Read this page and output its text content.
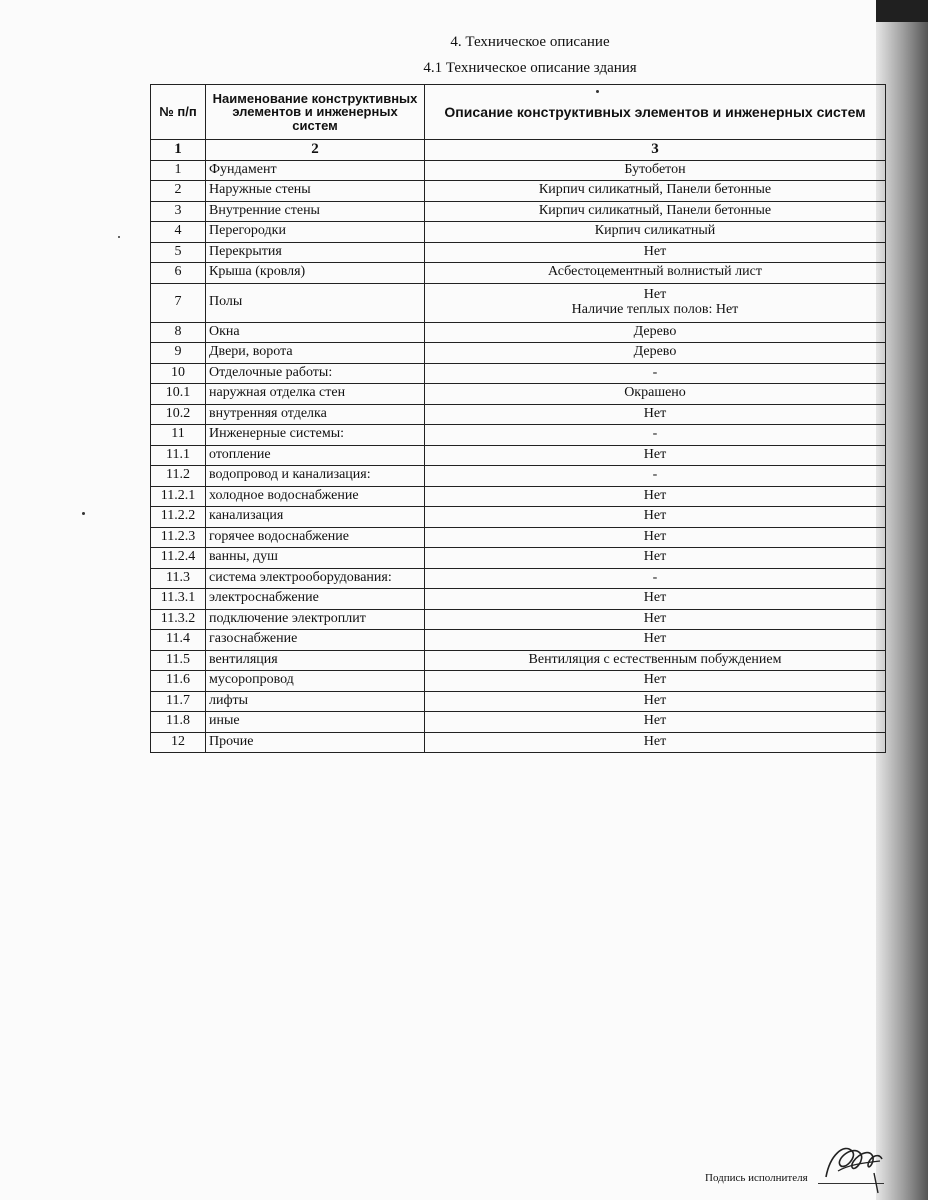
4. Техническое описание
4.1 Техническое описание здания
№ п/п	Наименование конструктивных элементов и инженерных систем	Описание конструктивных элементов и инженерных систем
1	2	3
1	Фундамент	Бутобетон

2	Наружные стены	Кирпич силикатный, Панели бетонные

3	Внутренние стены	Кирпич силикатный, Панели бетонные

4	Перегородки	Кирпич силикатный

5	Перекрытия	Нет

6	Крыша (кровля)	Асбестоцементный волнистый лист

7	Полы	Нет
Наличие теплых полов: Нет

8	Окна	Дерево

9	Двери, ворота	Дерево

10	Отделочные работы:	-

10.1	наружная отделка стен	Окрашено

10.2	внутренняя отделка	Нет

11	Инженерные системы:	-

11.1	отопление	Нет

11.2	водопровод и канализация:	-

11.2.1	холодное водоснабжение	Нет

11.2.2	канализация	Нет

11.2.3	горячее водоснабжение	Нет

11.2.4	ванны, душ	Нет

11.3	система электрооборудования:	-

11.3.1	электроснабжение	Нет

11.3.2	подключение электроплит	Нет

11.4	газоснабжение	Нет

11.5	вентиляция	Вентиляция с естественным побуждением

11.6	мусоропровод	Нет

11.7	лифты	Нет

11.8	иные	Нет

12	Прочие	Нет
Подпись исполнителя
